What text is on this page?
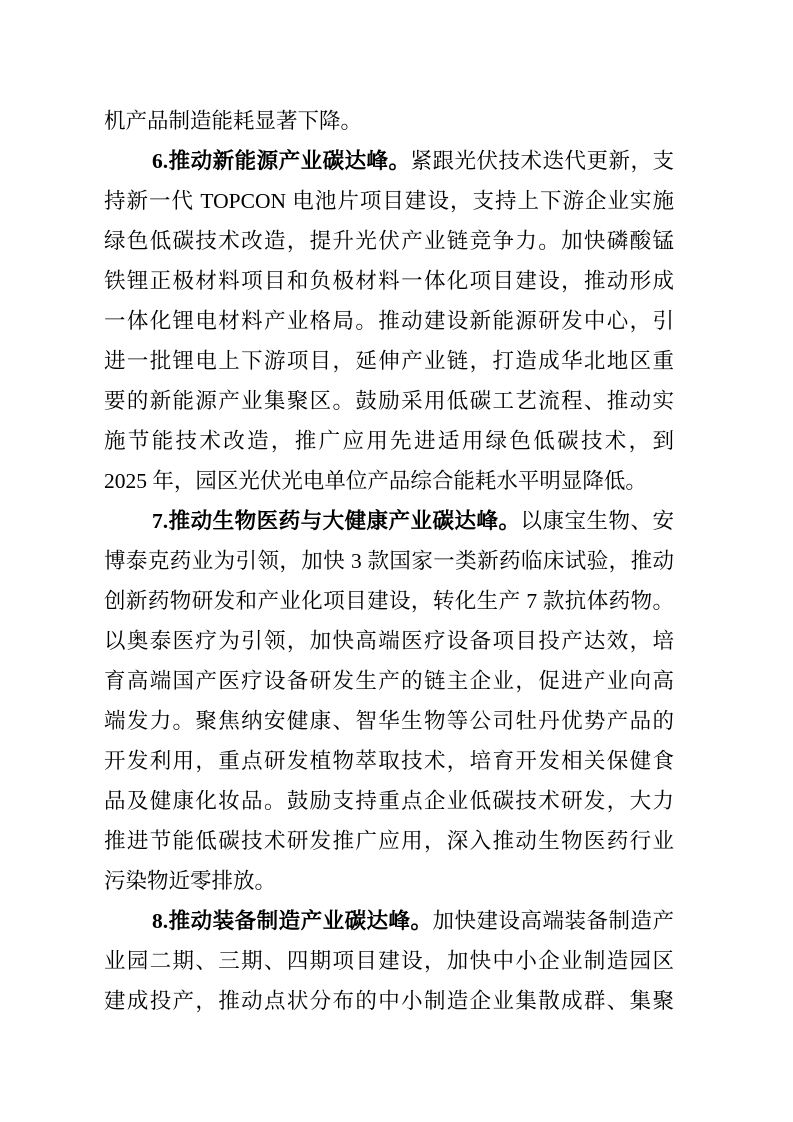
机产品制造能耗显著下降。
6.推动新能源产业碳达峰。紧跟光伏技术迭代更新，支
持新一代 TOPCON 电池片项目建设，支持上下游企业实施
绿色低碳技术改造，提升光伏产业链竞争力。加快磷酸锰
铁锂正极材料项目和负极材料一体化项目建设，推动形成
一体化锂电材料产业格局。推动建设新能源研发中心，引
进一批锂电上下游项目，延伸产业链，打造成华北地区重
要的新能源产业集聚区。鼓励采用低碳工艺流程、推动实
施节能技术改造，推广应用先进适用绿色低碳技术，到
2025 年，园区光伏光电单位产品综合能耗水平明显降低。
7.推动生物医药与大健康产业碳达峰。以康宝生物、安
博泰克药业为引领，加快 3 款国家一类新药临床试验，推动
创新药物研发和产业化项目建设，转化生产 7 款抗体药物。
以奥泰医疗为引领，加快高端医疗设备项目投产达效，培
育高端国产医疗设备研发生产的链主企业，促进产业向高
端发力。聚焦纳安健康、智华生物等公司牡丹优势产品的
开发利用，重点研发植物萃取技术，培育开发相关保健食
品及健康化妆品。鼓励支持重点企业低碳技术研发，大力
推进节能低碳技术研发推广应用，深入推动生物医药行业
污染物近零排放。
8.推动装备制造产业碳达峰。加快建设高端装备制造产
业园二期、三期、四期项目建设，加快中小企业制造园区
建成投产，推动点状分布的中小制造企业集散成群、集聚
